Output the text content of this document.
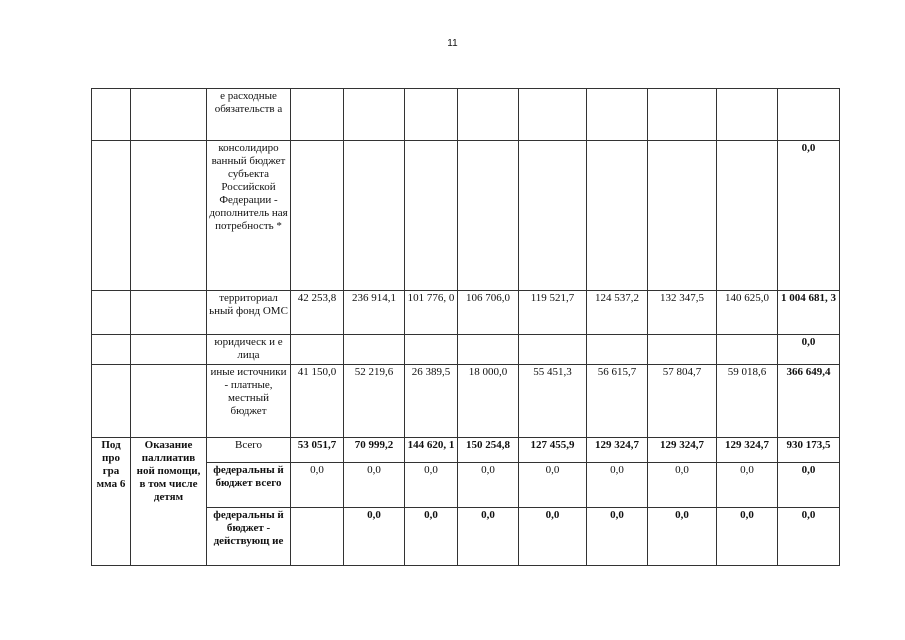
11
		е расходные обязательств а									
		консолидиро ванный бюджет субъекта Российской Федерации - дополнитель ная потребность *									0,0
		территориал ьный фонд ОМС	42 253,8	236 914,1	101 776, 0	106 706,0	119 521,7	124 537,2	132 347,5	140 625,0	1 004 681, 3
		юридическ и е лица									0,0
		иные источники - платные, местный бюджет	41 150,0	52 219,6	26 389,5	18 000,0	55 451,3	56 615,7	57 804,7	59 018,6	366 649,4
Под про гра мма 6	Оказание паллиатив ной помощи, в том числе детям	Всего	53 051,7	70 999,2	144 620, 1	150 254,8	127 455,9	129 324,7	129 324,7	129 324,7	930 173,5
		федеральны й бюджет всего	0,0	0,0	0,0	0,0	0,0	0,0	0,0	0,0	0,0
		федеральны й бюджет - действующ ие		0,0	0,0	0,0	0,0	0,0	0,0	0,0	0,0
